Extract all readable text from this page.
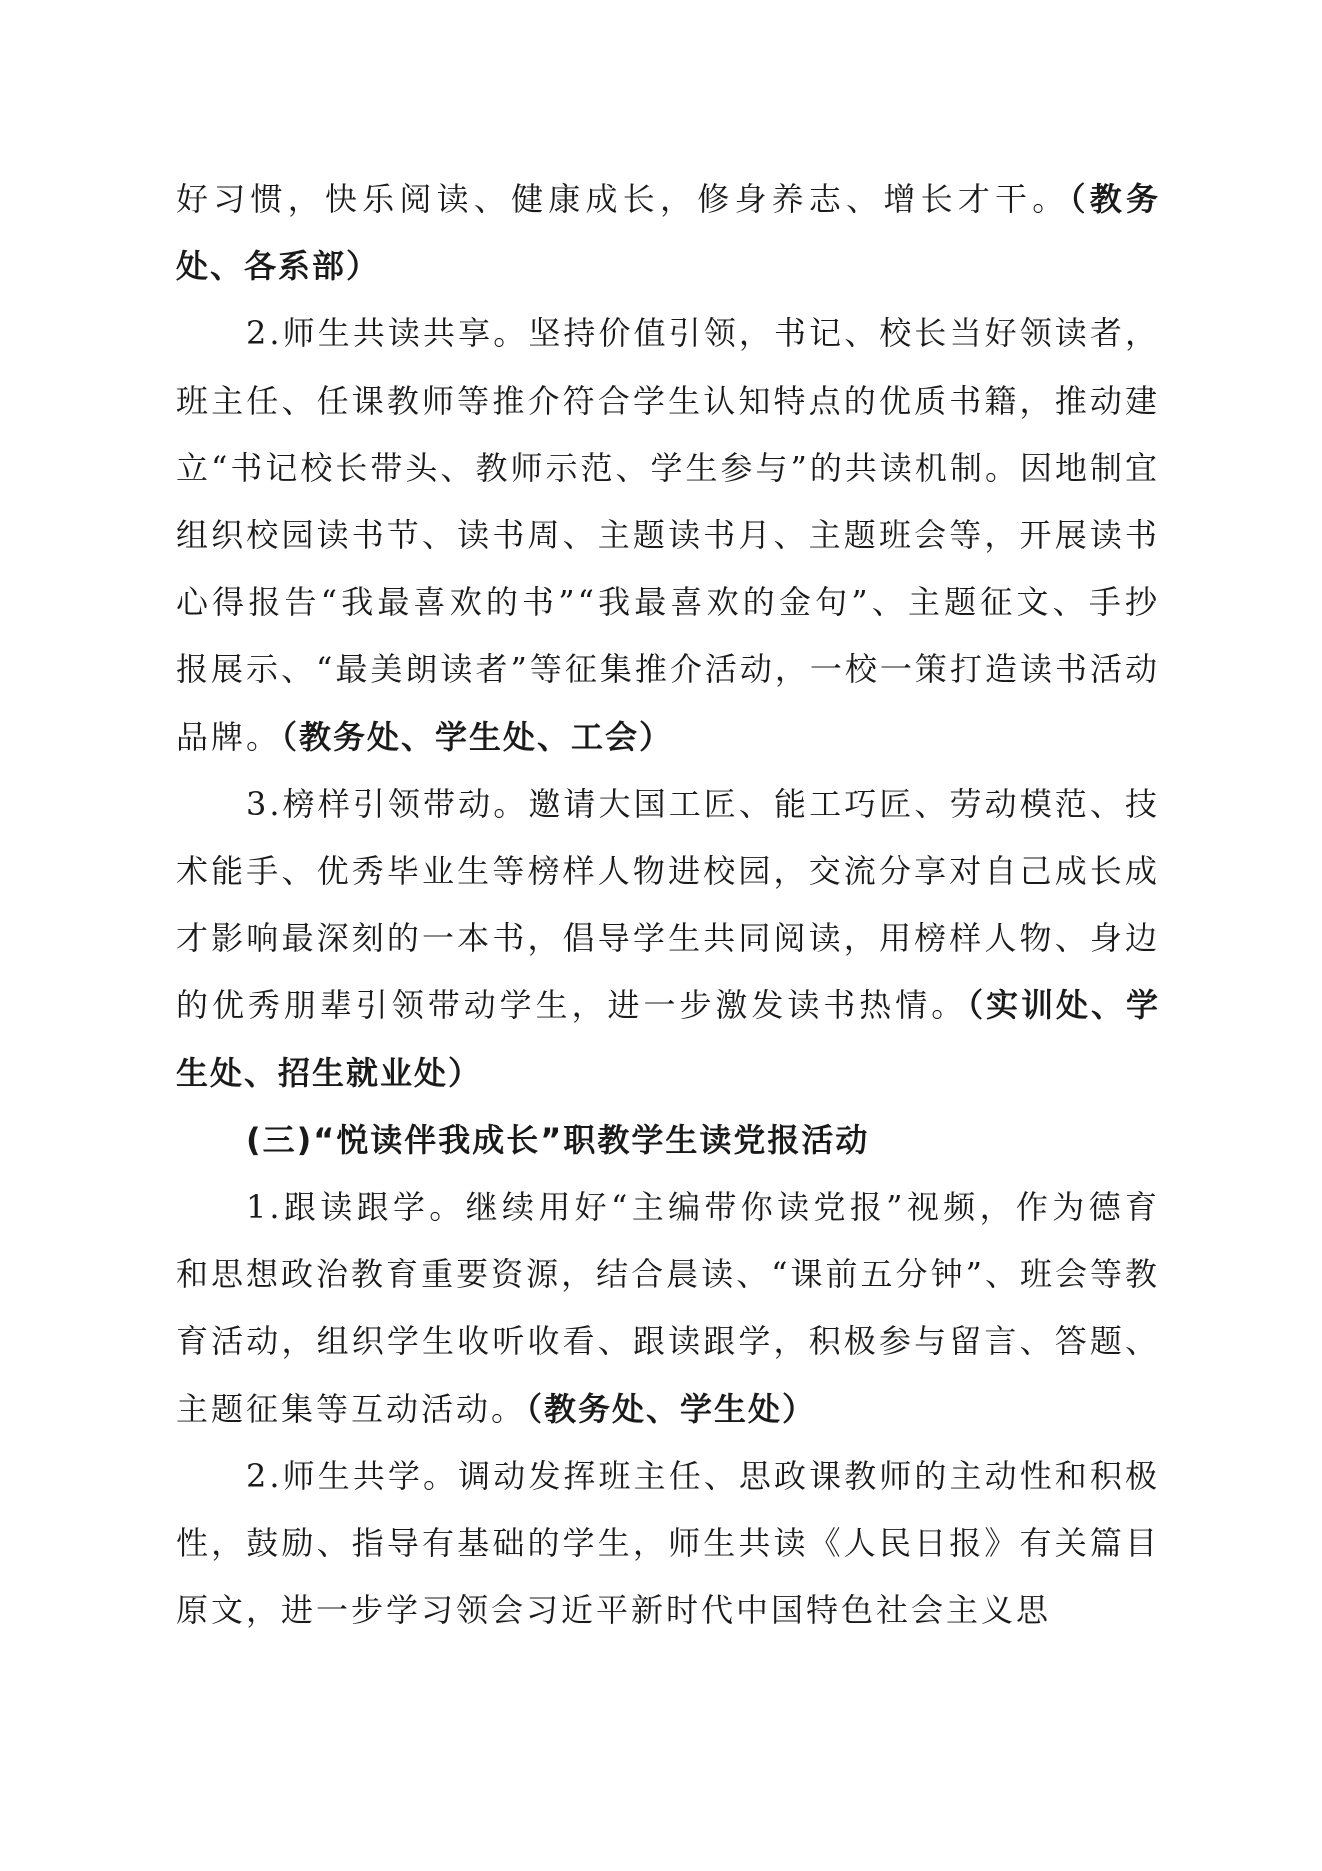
好习惯，快乐阅读、健康成长，修身养志、增长才干。（教务处、各系部）

2.师生共读共享。坚持价值引领，书记、校长当好领读者，班主任、任课教师等推介符合学生认知特点的优质书籍，推动建立“书记校长带头、教师示范、学生参与”的共读机制。因地制宜组织校园读书节、读书周、主题读书月、主题班会等，开展读书心得报告“我最喜欢的书”“我最喜欢的金句”、主题征文、手抄报展示、“最美朗读者”等征集推介活动，一校一策打造读书活动品牌。（教务处、学生处、工会）

3.榜样引领带动。邀请大国工匠、能工巧匠、劳动模范、技术能手、优秀毕业生等榜样人物进校园，交流分享对自己成长成才影响最深刻的一本书，倡导学生共同阅读，用榜样人物、身边的优秀朋辈引领带动学生，进一步激发读书热情。（实训处、学生处、招生就业处）

(三)“悦读伴我成长”职教学生读党报活动

1.跟读跟学。继续用好“主编带你读党报”视频，作为德育和思想政治教育重要资源，结合晨读、“课前五分钟”、班会等教育活动，组织学生收听收看、跟读跟学，积极参与留言、答题、主题征集等互动活动。（教务处、学生处）

2.师生共学。调动发挥班主任、思政课教师的主动性和积极性，鼓励、指导有基础的学生，师生共读《人民日报》有关篇目原文，进一步学习领会习近平新时代中国特色社会主义思
